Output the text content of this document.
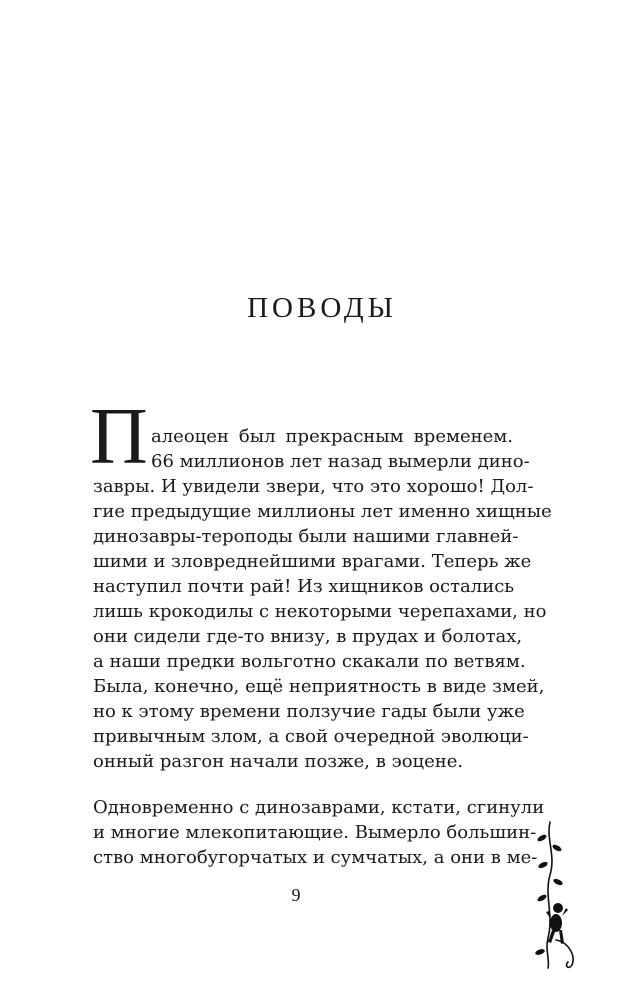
ПОВОДЫ
П алеоцен был прекрасным временем.
66 миллионов лет назад вымерли дино-
завры. И увидели звери, что это хорошо! Дол-
гие предыдущие миллионы лет именно хищные
динозавры-тероподы были нашими главней-
шими и зловреднейшими врагами. Теперь же
наступил почти рай! Из хищников остались
лишь крокодилы с некоторыми черепахами, но
они сидели где-то внизу, в прудах и болотах,
а наши предки вольготно скакали по ветвям.
Была, конечно, ещё неприятность в виде змей,
но к этому времени ползучие гады были уже
привычным злом, а свой очередной эволюци-
онный разгон начали позже, в эоцене.
Одновременно с динозаврами, кстати, сгинули
и многие млекопитающие. Вымерло большин-
ство многобугорчатых и сумчатых, а они в ме-
9
